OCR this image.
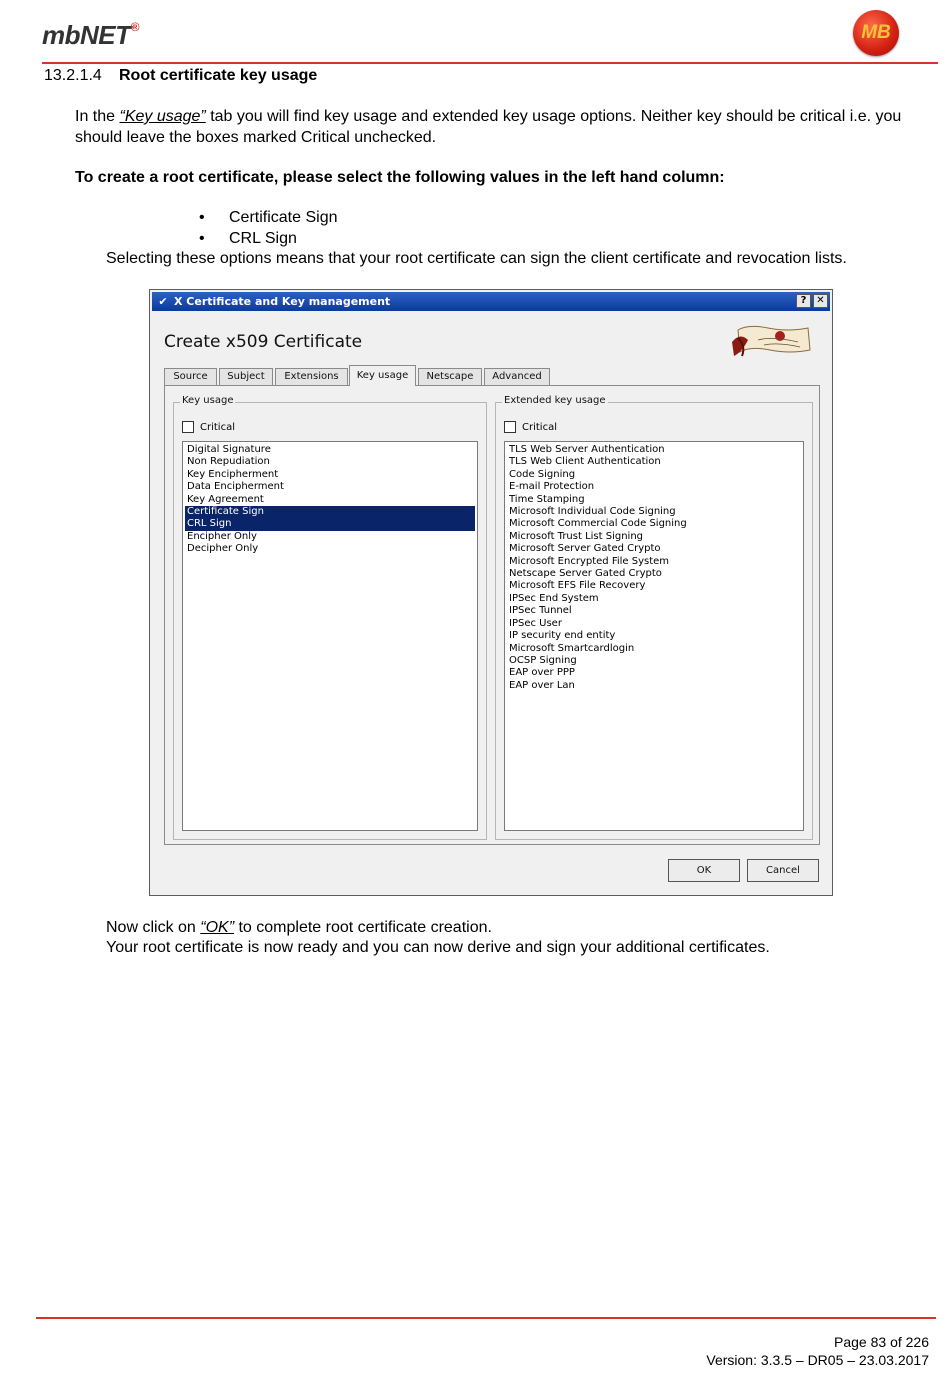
mbNET®	MB
13.2.1.4 Root certificate key usage
In the “Key usage” tab you will find key usage and extended key usage options. Neither key should be critical i.e. you should leave the boxes marked Critical unchecked.
To create a root certificate, please select the following values in the left hand column:
• Certificate Sign
• CRL Sign
Selecting these options means that your root certificate can sign the client certificate and revocation lists.
✔ X Certificate and Key management	? ✕
Create x509 Certificate
Source	Subject	Extensions	Key usage	Netscape	Advanced
Key usage
Critical
Digital Signature
Non Repudiation
Key Encipherment
Data Encipherment
Key Agreement
Certificate Sign
CRL Sign
Encipher Only
Decipher Only
Extended key usage
Critical
TLS Web Server Authentication
TLS Web Client Authentication
Code Signing
E-mail Protection
Time Stamping
Microsoft Individual Code Signing
Microsoft Commercial Code Signing
Microsoft Trust List Signing
Microsoft Server Gated Crypto
Microsoft Encrypted File System
Netscape Server Gated Crypto
Microsoft EFS File Recovery
IPSec End System
IPSec Tunnel
IPSec User
IP security end entity
Microsoft Smartcardlogin
OCSP Signing
EAP over PPP
EAP over Lan
OK	Cancel
Now click on “OK” to complete root certificate creation.
Your root certificate is now ready and you can now derive and sign your additional certificates.
Page 83 of 226
Version: 3.3.5 – DR05 – 23.03.2017
